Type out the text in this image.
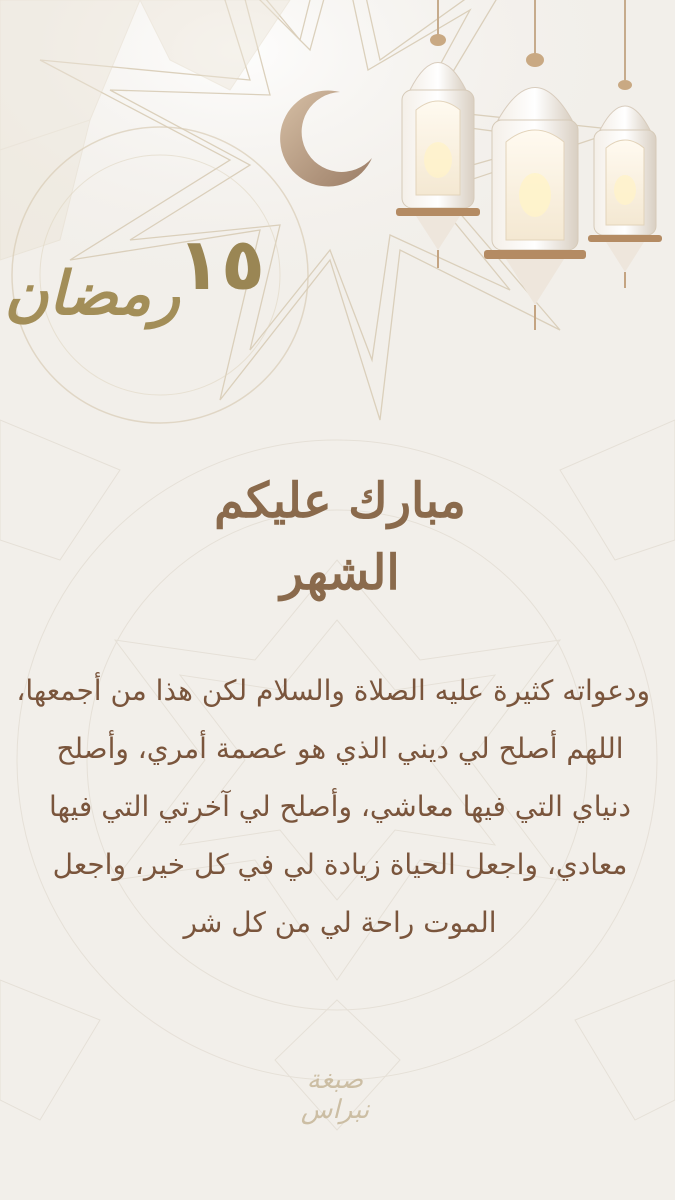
١٥
رمضان
مبارك عليكم الشهر
ودعواته كثيرة عليه الصلاة والسلام لكن هذا من أجمعها،
اللهم أصلح لي ديني الذي هو عصمة أمري، وأصلح
دنياي التي فيها معاشي، وأصلح لي آخرتي التي فيها
معادي، واجعل الحياة زيادة لي في كل خير، واجعل
الموت راحة لي من كل شر
صبغة نبراس
